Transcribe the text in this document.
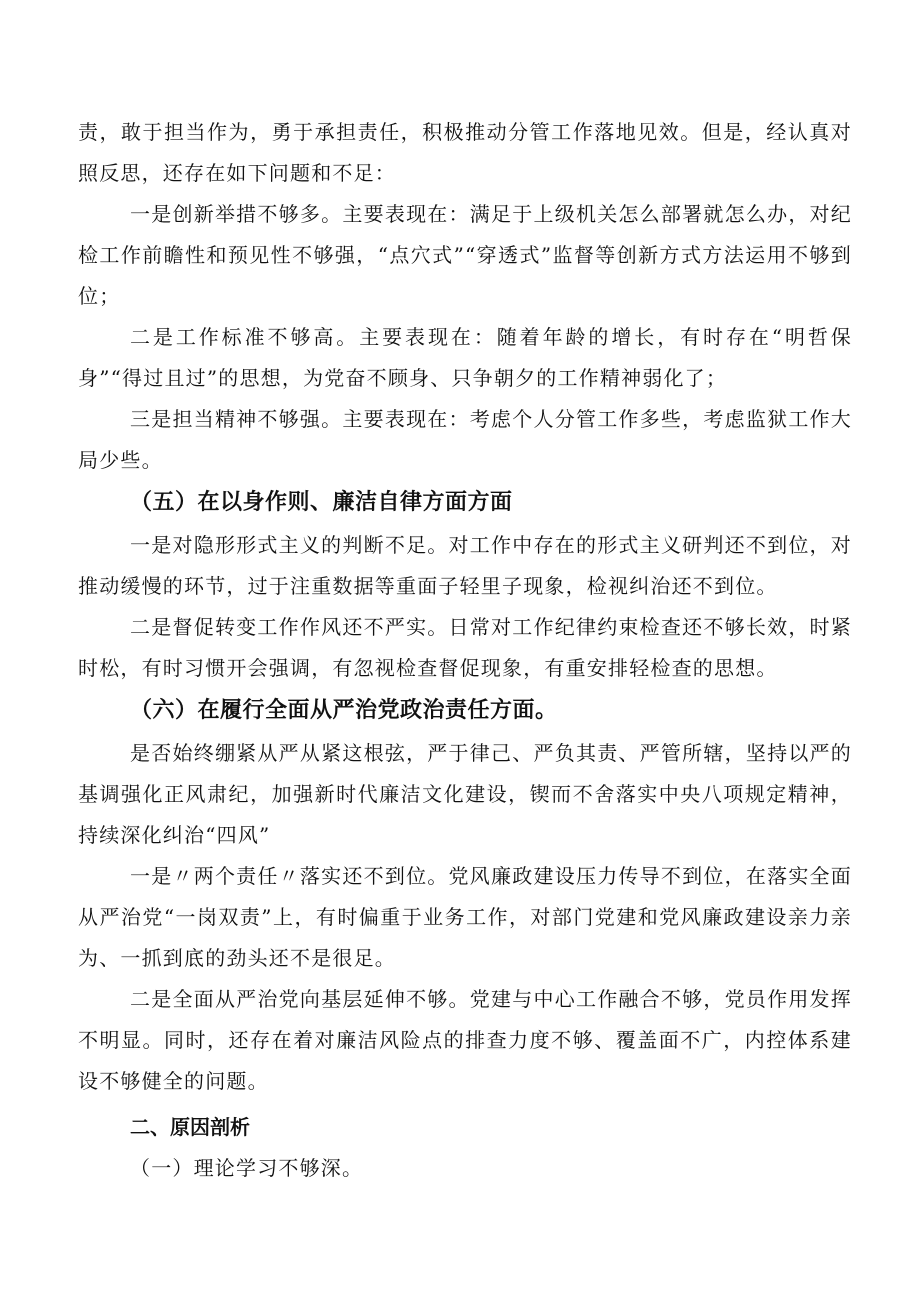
责，敢于担当作为，勇于承担责任，积极推动分管工作落地见效。但是，经认真对照反思，还存在如下问题和不足：

一是创新举措不够多。主要表现在：满足于上级机关怎么部署就怎么办，对纪检工作前瞻性和预见性不够强，“点穴式”“穿透式”监督等创新方式方法运用不够到位；

二是工作标准不够高。主要表现在：随着年龄的增长，有时存在“明哲保身”“得过且过”的思想，为党奋不顾身、只争朝夕的工作精神弱化了；

三是担当精神不够强。主要表现在：考虑个人分管工作多些，考虑监狱工作大局少些。

（五）在以身作则、廉洁自律方面方面

一是对隐形形式主义的判断不足。对工作中存在的形式主义研判还不到位，对推动缓慢的环节，过于注重数据等重面子轻里子现象，检视纠治还不到位。

二是督促转变工作作风还不严实。日常对工作纪律约束检查还不够长效，时紧时松，有时习惯开会强调，有忽视检查督促现象，有重安排轻检查的思想。

（六）在履行全面从严治党政治责任方面。

是否始终绷紧从严从紧这根弦，严于律己、严负其责、严管所辖，坚持以严的基调强化正风肃纪，加强新时代廉洁文化建设，锲而不舍落实中央八项规定精神，持续深化纠治“四风”

一是〃两个责任〃落实还不到位。党风廉政建设压力传导不到位，在落实全面从严治党“一岗双责”上，有时偏重于业务工作，对部门党建和党风廉政建设亲力亲为、一抓到底的劲头还不是很足。

二是全面从严治党向基层延伸不够。党建与中心工作融合不够，党员作用发挥不明显。同时，还存在着对廉洁风险点的排查力度不够、覆盖面不广，内控体系建设不够健全的问题。

二、原因剖析

（一）理论学习不够深。
